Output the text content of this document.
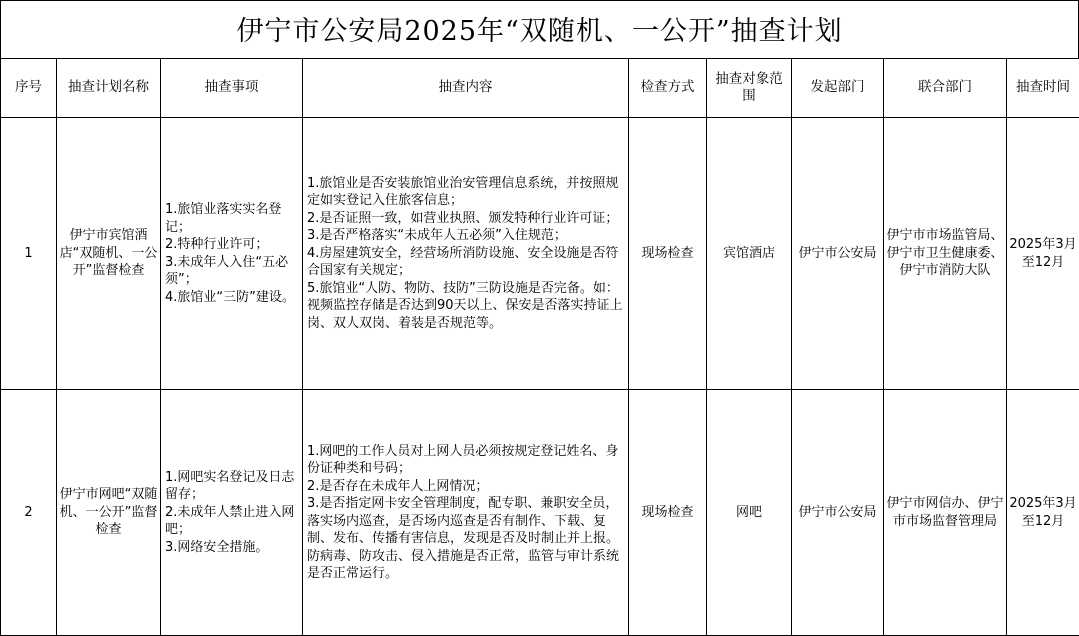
伊宁市公安局2025年“双随机、一公开”抽查计划
序号	抽查计划名称	抽查事项	抽查内容	检查方式	抽查对象范围	发起部门	联合部门	抽查时间
1	伊宁市宾馆酒店“双随机、一公开”监督检查	1.旅馆业落实实名登记；
2.特种行业许可；
3.未成年人入住“五必须”；
4.旅馆业“三防”建设。	1.旅馆业是否安装旅馆业治安管理信息系统，并按照规定如实登记入住旅客信息；
2.是否证照一致，如营业执照、颁发特种行业许可证；
3.是否严格落实“未成年人五必须”入住规范；
4.房屋建筑安全，经营场所消防设施、安全设施是否符合国家有关规定；
5.旅馆业“人防、物防、技防”三防设施是否完备。如：视频监控存储是否达到90天以上、保安是否落实持证上岗、双人双岗、着装是否规范等。	现场检查	宾馆酒店	伊宁市公安局	伊宁市市场监管局、伊宁市卫生健康委、伊宁市消防大队	2025年3月至12月
2	伊宁市网吧“双随机、一公开”监督检查	1.网吧实名登记及日志留存；
2.未成年人禁止进入网吧；
3.网络安全措施。	1.网吧的工作人员对上网人员必须按规定登记姓名、身份证种类和号码；
2.是否存在未成年人上网情况；
3.是否指定网卡安全管理制度，配专职、兼职安全员，落实场内巡查，是否场内巡查是否有制作、下载、复制、发布、传播有害信息，发现是否及时制止并上报。防病毒、防攻击、侵入措施是否正常，监管与审计系统是否正常运行。	现场检查	网吧	伊宁市公安局	伊宁市网信办、伊宁市市场监督管理局	2025年3月至12月
